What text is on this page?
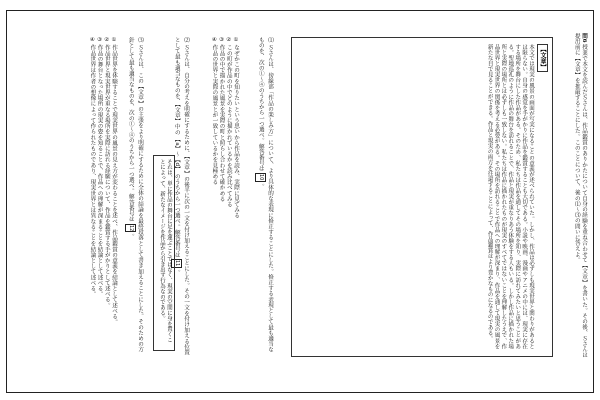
問6 授業で本文を読んだＳさんは、作品鑑賞のありかたについて自身の経験を重ね合わせて【文章】を書いた。その後、Ｓさんは提出前に【文章】を推敲することにした。このことについて、後の⑴〜⑶の問いに答えよ。
【文章】
本文では現実の風景の画面が写実になることの意義が述べられていた。しかし、作品は必ずしも現実世界と関わりがあるとは限らない。自身の感覚を手がかりに作品を鑑賞することも大切である。小説や映画、漫画やアニメの中には、現実に存在する場所を舞台にした作品がある。そのため、私たちは作品を通してその場所を知り、実際に訪れてみたいと思うことがある。聖地巡礼のように作品の舞台を訪れることで、作品と現実が重なりあう体験をする人もいる。しかし作品に描かれた場所と実際の場所とは必ずしも一致しない。私たちは作品に描かれたものが現実のすべてではないことを理解したうえで、作品世界と現実世界の関係を考える必要がある。その場所を訪れることで作品への理解が深まり、作品を通して現実の風景を新たな目で見ることができる。作品と現実の両方を往還することによって、作品鑑賞はより豊かなものになるのである。
⑴ Ｓさんは、傍線部「作品の楽しみ方」について、より具体的な表現に修正することにした。修正する表現として最も適当なものを、次の①〜④のうちから一つ選べ。解答番号は 10 。
① なぜかこの町を知りたいという思いから作品を読み、実際に見てみる
② この町が作品の中でどのように描かれているかを読み比べてみる
③ 作品の中で描かれた風景を実際の町と照らし合わせて確かめる
④ 作品の世界と実際の風景とが一致しているかを見極める
⑵ Ｓさんは、自分の考えを明確にするために、【文章】の後半に次の一文を付け加えることにした。その一文を付け加える位置として最も適当なものを、【文章】中の 【a】〜【d】 のうちから一つ選べ。解答番号は 11 。
それは、単に作品の舞台に足を運ぶことではなく、現実の空間に身を置くことによって、新たなイメージを作品から引き出す行為なのである。
⑶ Ｓさんは、この【文章】の主張をより明確にするために全体の結論を最終段落として書き加えることにした。そのための方針として最も適当なものを、次の①〜④のうちから一つ選べ。解答番号は 12 。
① 作品世界を体験することで現実世界の風景の見え方が変わることを述べ、作品鑑賞の意義を結論として述べる。
② 作品世界と現実世界が重なる場所を実際に訪れる経験について、作品を鑑賞する手がかりとして述べる。
③ 作品の舞台となった場所の現実の姿を知ることで、作品への理解が深まることを結論として述べる。
④ 作品世界は作者の想像によって作られたものであり、現実世界とは異なることを結論として述べる。
